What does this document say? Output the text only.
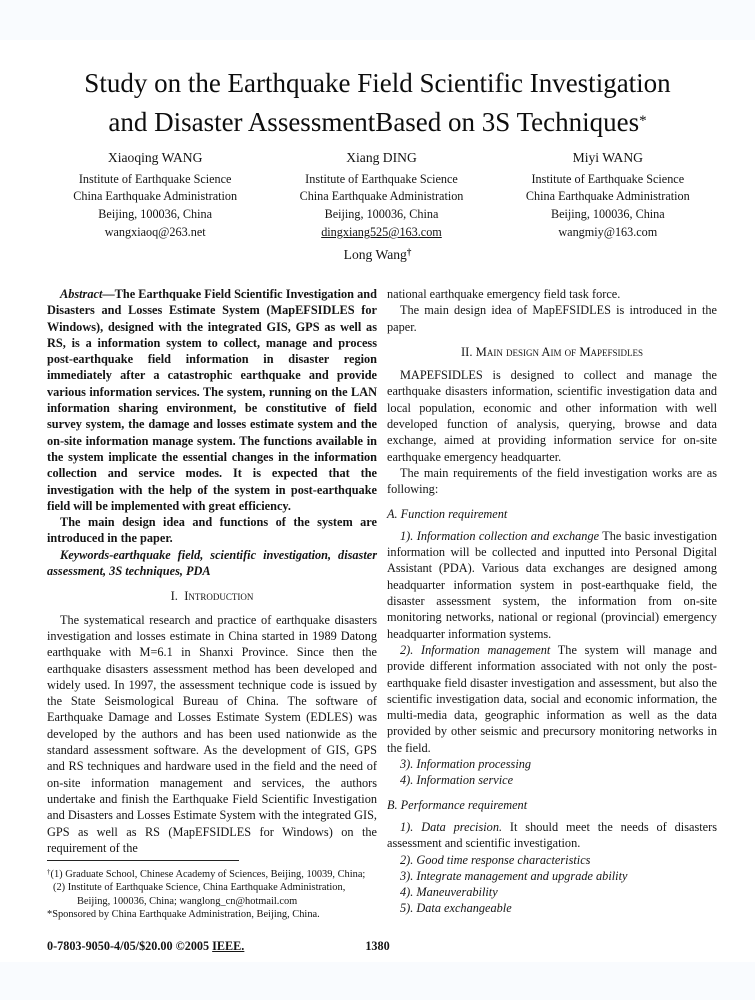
Study on the Earthquake Field Scientific Investigation
and Disaster AssessmentBased on 3S Techniques*
Xiaoqing WANG
Institute of Earthquake Science
China Earthquake Administration
Beijing, 100036, China
wangxiaoq@263.net
Xiang DING
Institute of Earthquake Science
China Earthquake Administration
Beijing, 100036, China
dingxiang525@163.com
Miyi WANG
Institute of Earthquake Science
China Earthquake Administration
Beijing, 100036, China
wangmiy@163.com
Long Wang†

Abstract—The Earthquake Field Scientific Investigation and Disasters and Losses Estimate System (MapEFSIDLES for Windows), designed with the integrated GIS, GPS as well as RS, is a information system to collect, manage and process post-earthquake field information in disaster region immediately after a catastrophic earthquake and provide various information services. The system, running on the LAN information sharing environment, be constitutive of field survey system, the damage and losses estimate system and the on-site information manage system. The functions available in the system implicate the essential changes in the information collection and service modes. It is expected that the investigation with the help of the system in post-earthquake field will be implemented with great efficiency.

The main design idea and functions of the system are introduced in the paper.

Keywords-earthquake field, scientific investigation, disaster assessment, 3S techniques, PDA

I. Introduction

The systematical research and practice of earthquake disasters investigation and losses estimate in China started in 1989 Datong earthquake with M=6.1 in Shanxi Province. Since then the earthquake disasters assessment method has been developed and widely used. In 1997, the assessment technique code is issued by the State Seismological Bureau of China. The software of Earthquake Damage and Losses Estimate System (EDLES) was developed by the authors and has been used nationwide as the standard assessment software. As the development of GIS, GPS and RS techniques and hardware used in the field and the need of on-site information management and services, the authors undertake and finish the Earthquake Field Scientific Investigation and Disasters and Losses Estimate System with the integrated GIS, GPS as well as RS (MapEFSIDLES for Windows) on the requirement of the

†(1) Graduate School, Chinese Academy of Sciences, Beijing, 10039, China;
(2) Institute of Earthquake Science, China Earthquake Administration, Beijing, 100036, China; wanglong_cn@hotmail.com
*Sponsored by China Earthquake Administration, Beijing, China.

national earthquake emergency field task force.

The main design idea of MapEFSIDLES is introduced in the paper.

II. Main design Aim of Mapefsidles

MAPEFSIDLES is designed to collect and manage the earthquake disasters information, scientific investigation data and local population, economic and other information with well developed function of analysis, querying, browse and data exchange, aimed at providing information service for on-site earthquake emergency headquarter.

The main requirements of the field investigation works are as following:

A. Function requirement

1). Information collection and exchange The basic investigation information will be collected and inputted into Personal Digital Assistant (PDA). Various data exchanges are designed among headquarter information system in post-earthquake field, the disaster assessment system, the information from on-site monitoring networks, national or regional (provincial) emergency headquarter information systems.

2). Information management The system will manage and provide different information associated with not only the post-earthquake field disaster investigation and assessment, but also the scientific investigation data, social and economic information, the multi-media data, geographic information as well as the data provided by other seismic and precursory monitoring networks in the field.

3). Information processing

4). Information service

B. Performance requirement

1). Data precision. It should meet the needs of disasters assessment and scientific investigation.

2). Good time response characteristics

3). Integrate management and upgrade ability

4). Maneuverability

5). Data exchangeable

1380
0-7803-9050-4/05/$20.00 ©2005 IEEE.
